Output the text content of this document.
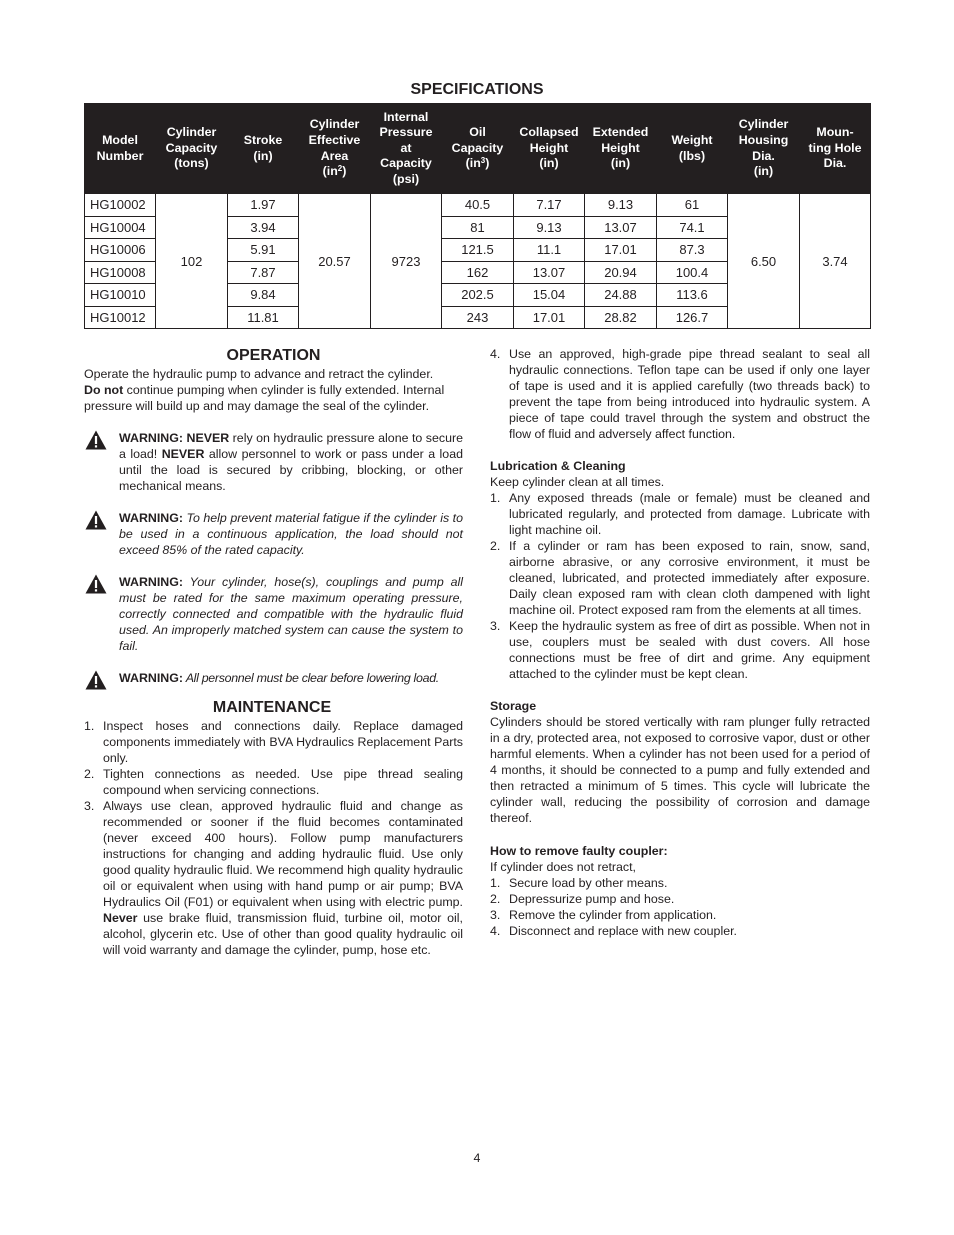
SPECIFICATIONS
Model
Number	Cylinder
Capacity
(tons)	Stroke
(in)	Cylinder
Effective
Area
$(in^2)$	Internal
Pressure
at
Capacity
(psi)	Oil
Capacity
$(in^3)$	Collapsed
Height
(in)	Extended
Height
(in)	Weight
(lbs)	Cylinder
Housing
Dia.
(in)	Moun-
ting Hole
Dia.
HG10002	102	1.97	20.57	9723	40.5	7.17	9.13	61	6.50	3.74
HG10004		3.94			81	9.13	13.07	74.1		
HG10006		5.91			121.5	11.1	17.01	87.3		
HG10008		7.87			162	13.07	20.94	100.4		
HG10010		9.84			202.5	15.04	24.88	113.6		
HG10012		11.81			243	17.01	28.82	126.7		
OPERATION

Operate the hydraulic pump to advance and retract the cylinder.
Do not continue pumping when cylinder is fully extended. Internal pressure will build up and may damage the seal of the cylinder.

WARNING: NEVER rely on hydraulic pressure alone to secure a load! NEVER allow personnel to work or pass under a load until the load is secured by cribbing, blocking, or other mechanical means.
WARNING: To help prevent material fatigue if the cylinder is to be used in a continuous application, the load should not exceed 85% of the rated capacity.
WARNING: Your cylinder, hose(s), couplings and pump all must be rated for the same maximum operating pressure, correctly connected and compatible with the hydraulic fluid used. An improperly matched system can cause the system to fail.
WARNING: All personnel must be clear before lowering load.
MAINTENANCE
1. Inspect hoses and connections daily. Replace damaged components immediately with BVA Hydraulics Replacement Parts only.
2. Tighten connections as needed. Use pipe thread sealing compound when servicing connections.
3. Always use clean, approved hydraulic fluid and change as recommended or sooner if the fluid becomes contaminated (never exceed 400 hours). Follow pump manufacturers instructions for changing and adding hydraulic fluid. Use only good quality hydraulic fluid. We recommend high quality hydraulic oil or equivalent when using with hand pump or air pump; BVA Hydraulics Oil (F01) or equivalent when using with electric pump. Never use brake fluid, transmission fluid, turbine oil, motor oil, alcohol, glycerin etc. Use of other than good quality hydraulic oil will void warranty and damage the cylinder, pump, hose etc.
4. Use an approved, high-grade pipe thread sealant to seal all hydraulic connections. Teflon tape can be used if only one layer of tape is used and it is applied carefully (two threads back) to prevent the tape from being introduced into hydraulic system. A piece of tape could travel through the system and obstruct the flow of fluid and adversely affect function.
Lubrication & Cleaning

Keep cylinder clean at all times.

1. Any exposed threads (male or female) must be cleaned and lubricated regularly, and protected from damage. Lubricate with light machine oil.
2. If a cylinder or ram has been exposed to rain, snow, sand, airborne abrasive, or any corrosive environment, it must be cleaned, lubricated, and protected immediately after exposure. Daily clean exposed ram with clean cloth dampened with light machine oil. Protect exposed ram from the elements at all times.
3. Keep the hydraulic system as free of dirt as possible. When not in use, couplers must be sealed with dust covers. All hose connections must be free of dirt and grime. Any equipment attached to the cylinder must be kept clean.
Storage

Cylinders should be stored vertically with ram plunger fully retracted in a dry, protected area, not exposed to corrosive vapor, dust or other harmful elements. When a cylinder has not been used for a period of 4 months, it should be connected to a pump and fully extended and then retracted a minimum of 5 times. This cycle will lubricate the cylinder wall, reducing the possibility of corrosion and damage thereof.

How to remove faulty coupler:

If cylinder does not retract,

1. Secure load by other means.
2. Depressurize pump and hose.
3. Remove the cylinder from application.
4. Disconnect and replace with new coupler.
4
